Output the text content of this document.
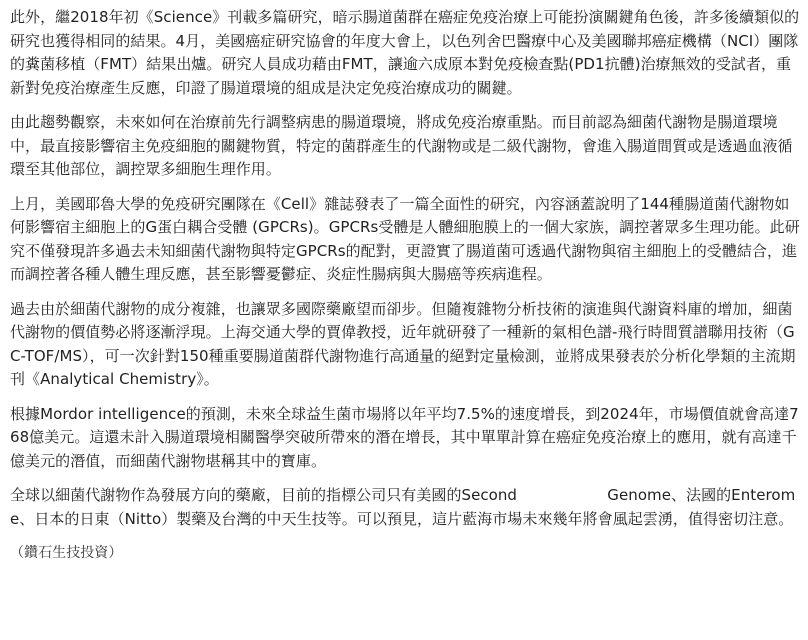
此外，繼2018年初《Science》刊載多篇研究，暗示腸道菌群在癌症免疫治療上可能扮演關鍵角色後，許多後續類似的研究也獲得相同的結果。4月，美國癌症研究協會的年度大會上，以色列舍巴醫療中心及美國聯邦癌症機構（NCI）團隊的糞菌移植（FMT）結果出爐。研究人員成功藉由FMT，讓逾六成原本對免疫檢查點(PD1抗體)治療無效的受試者，重新對免疫治療產生反應，印證了腸道環境的組成是決定免疫治療成功的關鍵。

由此趨勢觀察，未來如何在治療前先行調整病患的腸道環境，將成免疫治療重點。而目前認為細菌代謝物是腸道環境中，最直接影響宿主免疫細胞的關鍵物質，特定的菌群產生的代謝物或是二級代謝物，會進入腸道間質或是透過血液循環至其他部位，調控眾多細胞生理作用。

上月，美國耶魯大學的免疫研究團隊在《Cell》雜誌發表了一篇全面性的研究，內容涵蓋說明了144種腸道菌代謝物如何影響宿主細胞上的G蛋白耦合受體 (GPCRs)。GPCRs受體是人體細胞膜上的一個大家族，調控著眾多生理功能。此研究不僅發現許多過去未知細菌代謝物與特定GPCRs的配對，更證實了腸道菌可透過代謝物與宿主細胞上的受體結合，進而調控著各種人體生理反應，甚至影響憂鬱症、炎症性腸病與大腸癌等疾病進程。

過去由於細菌代謝物的成分複雜，也讓眾多國際藥廠望而卻步。但隨複雜物分析技術的演進與代謝資料庫的增加，細菌代謝物的價值勢必將逐漸浮現。上海交通大學的賈偉教授，近年就研發了一種新的氣相色譜-飛行時間質譜聯用技術（GC-TOF/MS），可一次針對150種重要腸道菌群代謝物進行高通量的絕對定量檢測，並將成果發表於分析化學類的主流期刊《Analytical Chemistry》。

根據Mordor intelligence的預測，未來全球益生菌市場將以年平均7.5%的速度增長，到2024年，市場價值就會高達768億美元。這還未計入腸道環境相關醫學突破所帶來的潛在增長，其中單單計算在癌症免疫治療上的應用，就有高達千億美元的潛值，而細菌代謝物堪稱其中的寶庫。

全球以細菌代謝物作為發展方向的藥廠，目前的指標公司只有美國的Second　　　　　　Genome、法國的Enterome、日本的日東（Nitto）製藥及台灣的中天生技等。可以預見，這片藍海市場未來幾年將會風起雲湧，值得密切注意。

（鑽石生技投資）
